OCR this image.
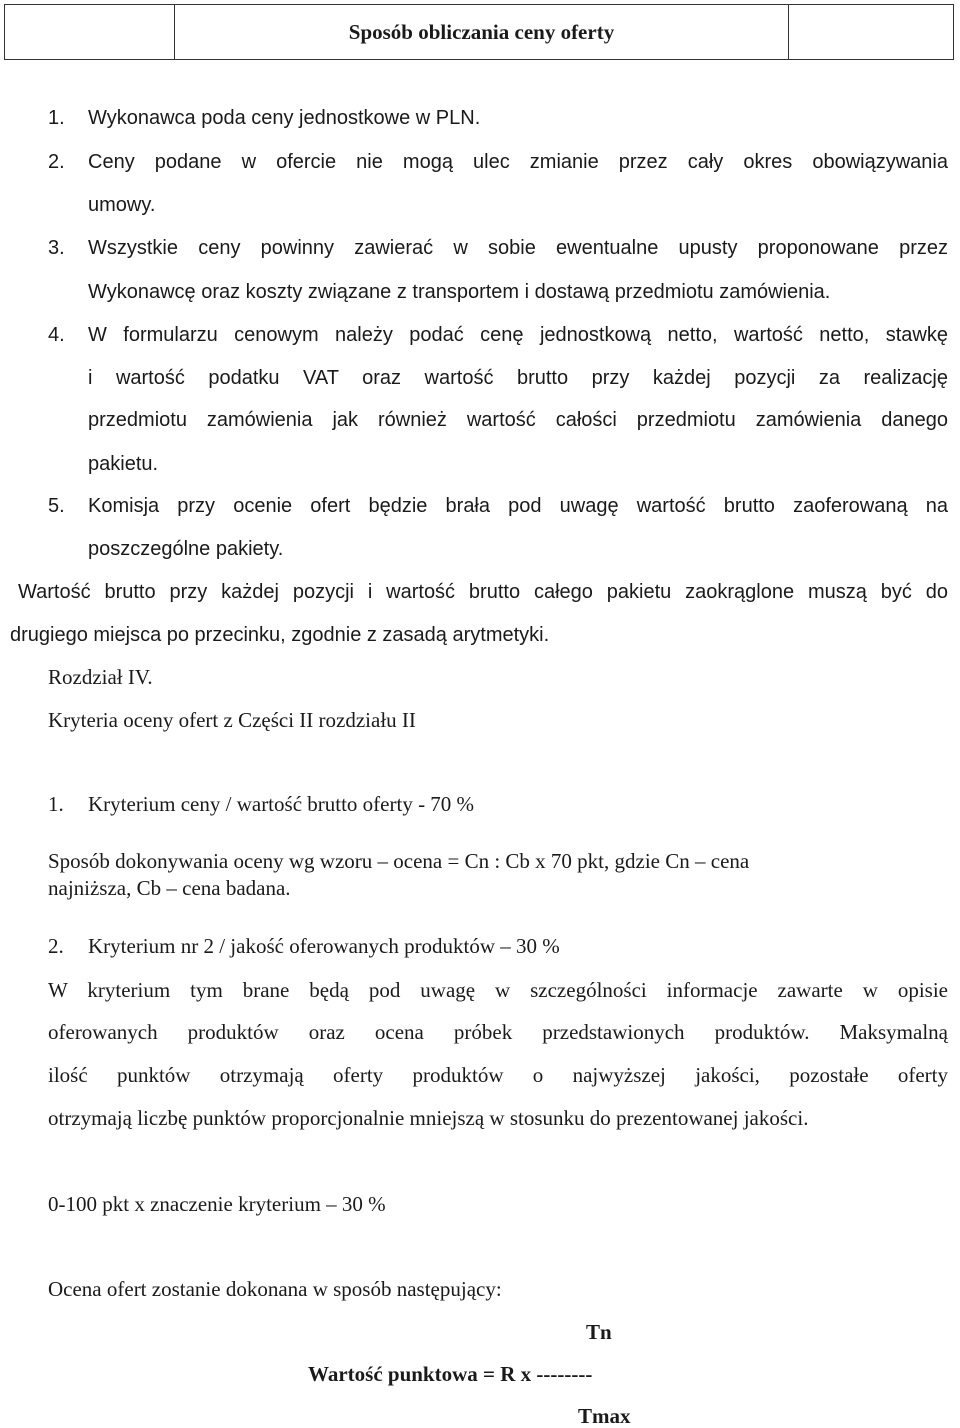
Sposób obliczania ceny oferty
1. Wykonawca poda ceny jednostkowe w PLN.
2. Ceny podane w ofercie nie mogą ulec zmianie przez cały okres obowiązywania
umowy.
3. Wszystkie ceny powinny zawierać w sobie ewentualne upusty proponowane przez
Wykonawcę oraz koszty związane z transportem i dostawą przedmiotu zamówienia.
4. W formularzu cenowym należy podać cenę jednostkową netto, wartość netto, stawkę
i wartość podatku VAT oraz wartość brutto przy każdej pozycji za realizację
przedmiotu zamówienia jak również wartość całości przedmiotu zamówienia danego
pakietu.
5. Komisja przy ocenie ofert będzie brała pod uwagę wartość brutto zaoferowaną na
poszczególne pakiety.
Wartość brutto przy każdej pozycji i wartość brutto całego pakietu zaokrąglone muszą być do
drugiego miejsca po przecinku, zgodnie z zasadą arytmetyki.
Rozdział IV.
Kryteria oceny ofert z Części II rozdziału II
1. Kryterium ceny / wartość brutto oferty - 70 %
Sposób dokonywania oceny wg wzoru – ocena = Cn : Cb x 70 pkt, gdzie Cn – cena
najniższa, Cb – cena badana.
2. Kryterium nr 2 / jakość oferowanych produktów – 30 %
W kryterium tym brane będą pod uwagę w szczególności informacje zawarte w opisie
oferowanych produktów oraz ocena próbek przedstawionych produktów. Maksymalną
ilość punktów otrzymają oferty produktów o najwyższej jakości, pozostałe oferty
otrzymają liczbę punktów proporcjonalnie mniejszą w stosunku do prezentowanej jakości.
0-100 pkt x znaczenie kryterium – 30 %
Ocena ofert zostanie dokonana w sposób następujący:
Tn
Wartość punktowa = R x --------
Tmax
